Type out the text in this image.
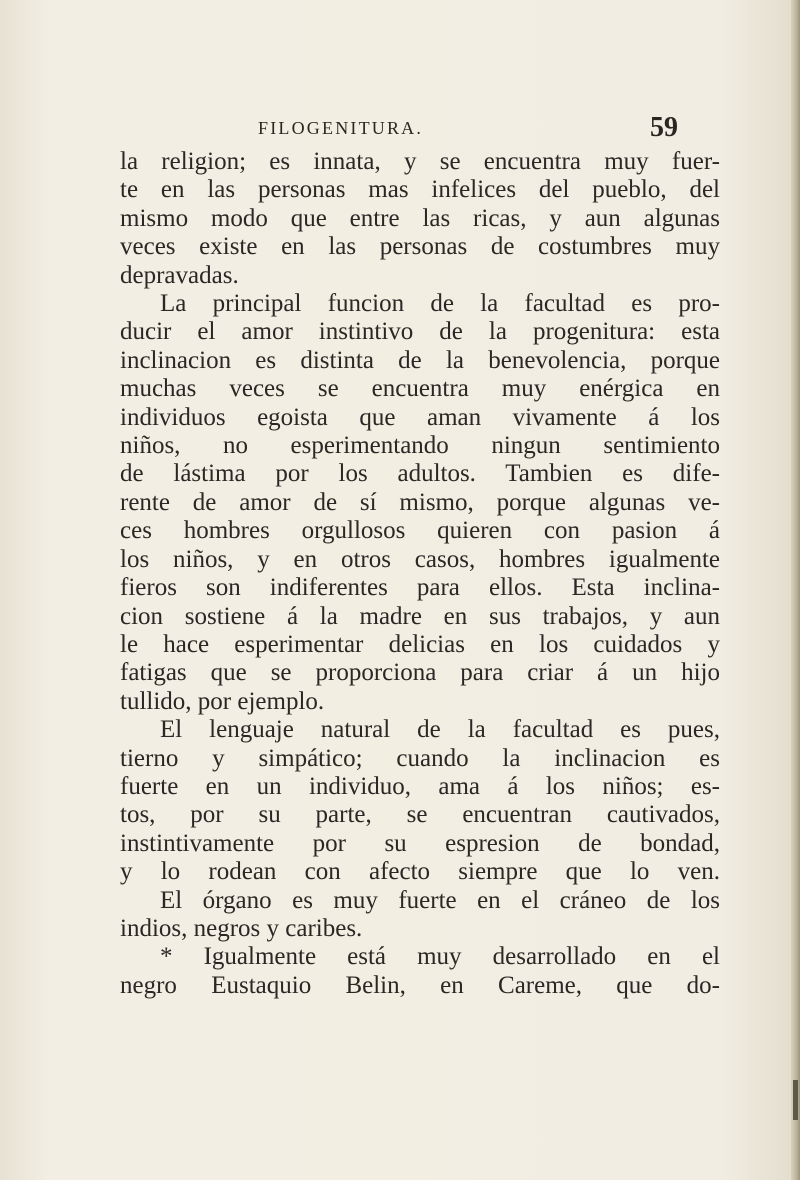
FILOGENITURA.	59
la religion; es innata, y se encuentra muy fuer-
te en las personas mas infelices del pueblo, del
mismo modo que entre las ricas, y aun algunas
veces existe en las personas de costumbres muy
depravadas.
La principal funcion de la facultad es pro-
ducir el amor instintivo de la progenitura: esta
inclinacion es distinta de la benevolencia, porque
muchas veces se encuentra muy enérgica en
individuos egoista que aman vivamente á los
niños, no esperimentando ningun sentimiento
de lástima por los adultos. Tambien es dife-
rente de amor de sí mismo, porque algunas ve-
ces hombres orgullosos quieren con pasion á
los niños, y en otros casos, hombres igualmente
fieros son indiferentes para ellos. Esta inclina-
cion sostiene á la madre en sus trabajos, y aun
le hace esperimentar delicias en los cuidados y
fatigas que se proporciona para criar á un hijo
tullido, por ejemplo.
El lenguaje natural de la facultad es pues,
tierno y simpático; cuando la inclinacion es
fuerte en un individuo, ama á los niños; es-
tos, por su parte, se encuentran cautivados,
instintivamente por su espresion de bondad,
y lo rodean con afecto siempre que lo ven.
El órgano es muy fuerte en el cráneo de los
indios, negros y caribes.
* Igualmente está muy desarrollado en el
negro Eustaquio Belin, en Careme, que do-
